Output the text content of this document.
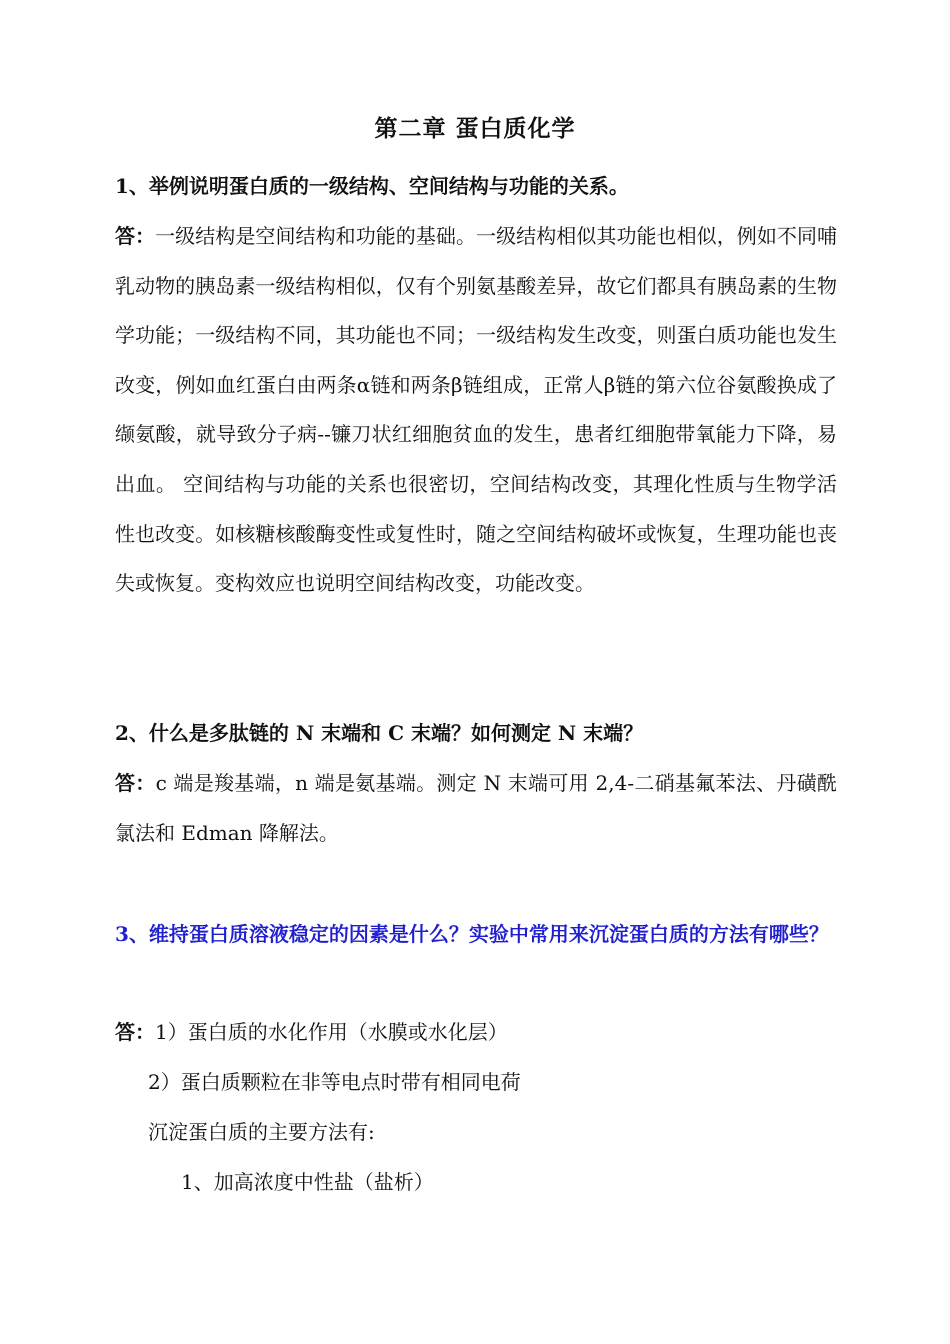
第二章 蛋白质化学
1、举例说明蛋白质的一级结构、空间结构与功能的关系。
答：一级结构是空间结构和功能的基础。一级结构相似其功能也相似，例如不同哺乳动物的胰岛素一级结构相似，仅有个别氨基酸差异，故它们都具有胰岛素的生物学功能；一级结构不同，其功能也不同；一级结构发生改变，则蛋白质功能也发生改变，例如血红蛋白由两条α链和两条β链组成，正常人β链的第六位谷氨酸换成了缬氨酸，就导致分子病--镰刀状红细胞贫血的发生，患者红细胞带氧能力下降，易出血。 空间结构与功能的关系也很密切，空间结构改变，其理化性质与生物学活性也改变。如核糖核酸酶变性或复性时，随之空间结构破坏或恢复，生理功能也丧失或恢复。变构效应也说明空间结构改变，功能改变。
2、什么是多肽链的 N 末端和 C 末端？如何测定 N 末端？
答：c 端是羧基端，n 端是氨基端。测定 N 末端可用 2,4-二硝基氟苯法、丹磺酰氯法和 Edman 降解法。
3、维持蛋白质溶液稳定的因素是什么？实验中常用来沉淀蛋白质的方法有哪些？
答：1）蛋白质的水化作用（水膜或水化层）
2）蛋白质颗粒在非等电点时带有相同电荷
沉淀蛋白质的主要方法有:
1、加高浓度中性盐（盐析）
